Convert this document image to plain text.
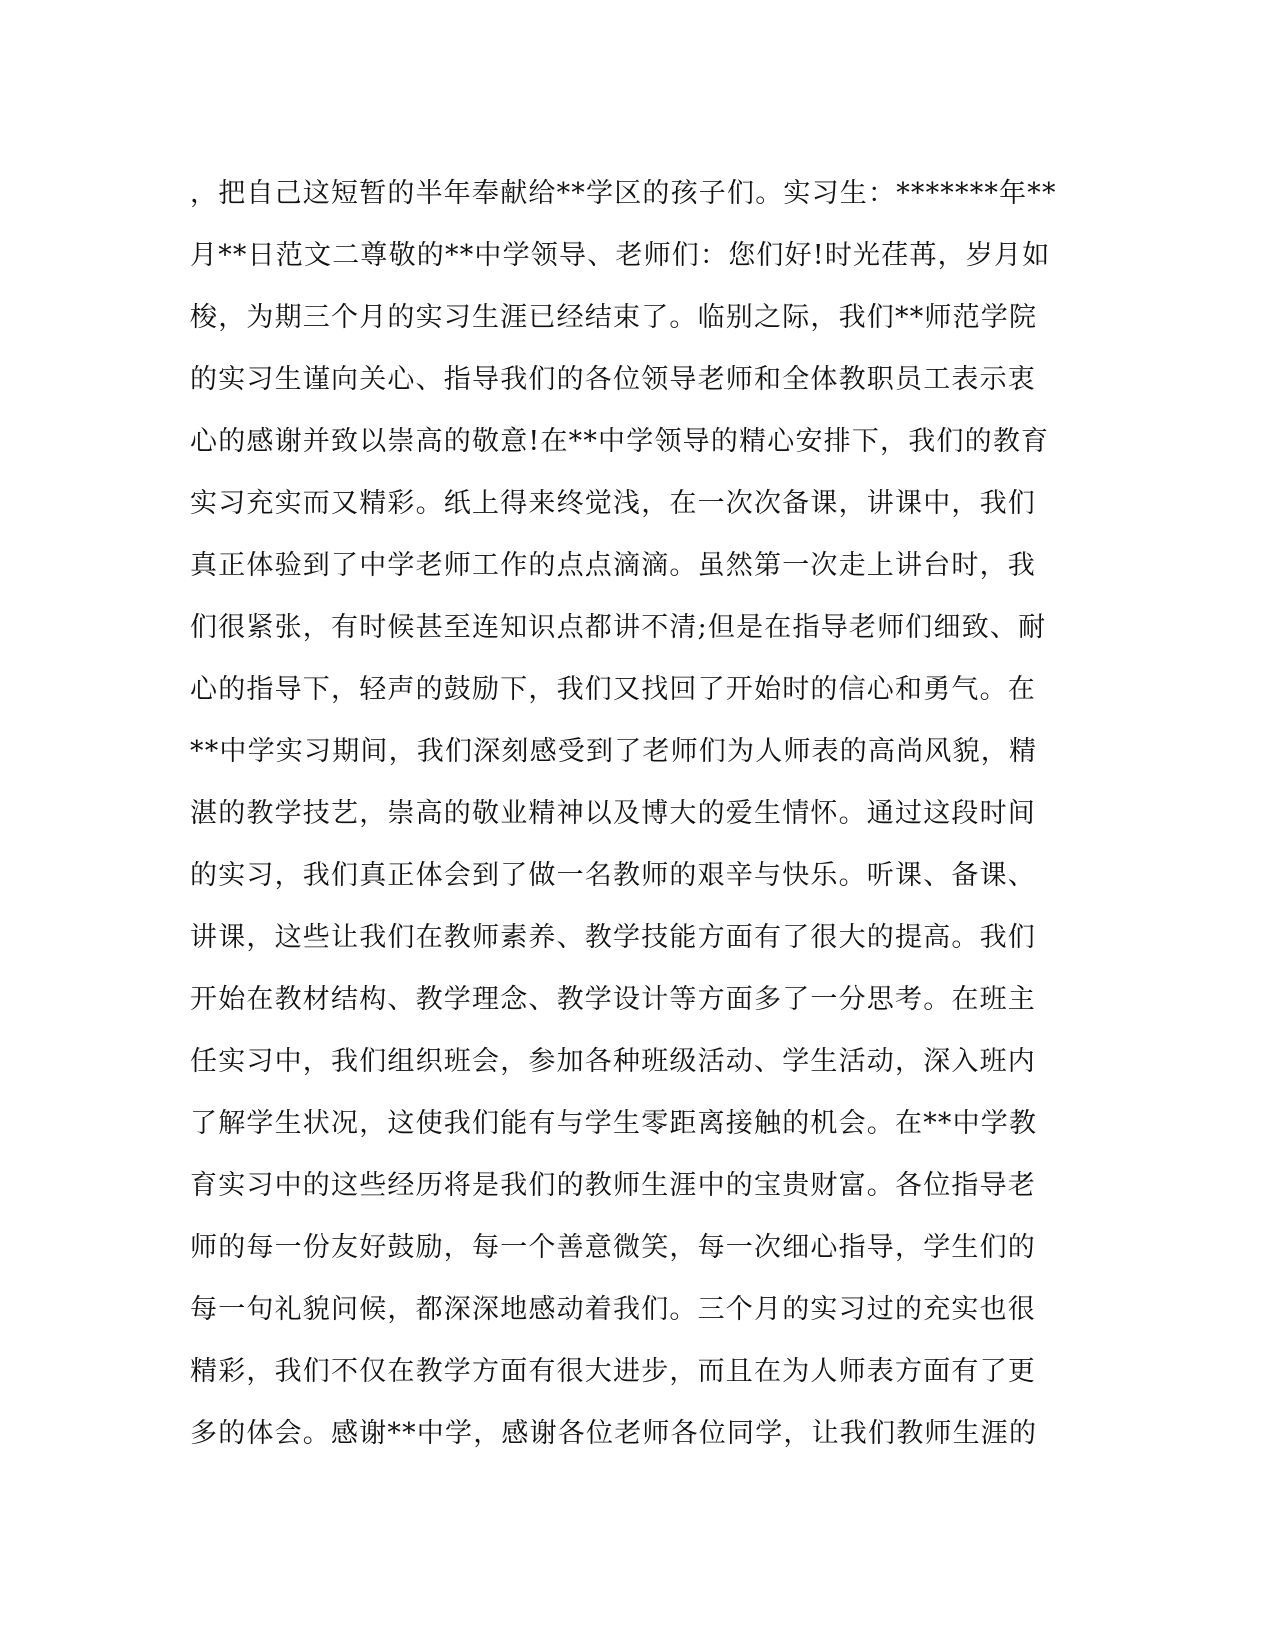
，把自己这短暂的半年奉献给**学区的孩子们。实习生：*******年**
月**日范文二尊敬的**中学领导、老师们：您们好!时光荏苒，岁月如
梭，为期三个月的实习生涯已经结束了。临别之际，我们**师范学院
的实习生谨向关心、指导我们的各位领导老师和全体教职员工表示衷
心的感谢并致以崇高的敬意!在**中学领导的精心安排下，我们的教育
实习充实而又精彩。纸上得来终觉浅，在一次次备课，讲课中，我们
真正体验到了中学老师工作的点点滴滴。虽然第一次走上讲台时，我
们很紧张，有时候甚至连知识点都讲不清;但是在指导老师们细致、耐
心的指导下，轻声的鼓励下，我们又找回了开始时的信心和勇气。在
**中学实习期间，我们深刻感受到了老师们为人师表的高尚风貌，精
湛的教学技艺，崇高的敬业精神以及博大的爱生情怀。通过这段时间
的实习，我们真正体会到了做一名教师的艰辛与快乐。听课、备课、
讲课，这些让我们在教师素养、教学技能方面有了很大的提高。我们
开始在教材结构、教学理念、教学设计等方面多了一分思考。在班主
任实习中，我们组织班会，参加各种班级活动、学生活动，深入班内
了解学生状况，这使我们能有与学生零距离接触的机会。在**中学教
育实习中的这些经历将是我们的教师生涯中的宝贵财富。各位指导老
师的每一份友好鼓励，每一个善意微笑，每一次细心指导，学生们的
每一句礼貌问候，都深深地感动着我们。三个月的实习过的充实也很
精彩，我们不仅在教学方面有很大进步，而且在为人师表方面有了更
多的体会。感谢**中学，感谢各位老师各位同学，让我们教师生涯的
